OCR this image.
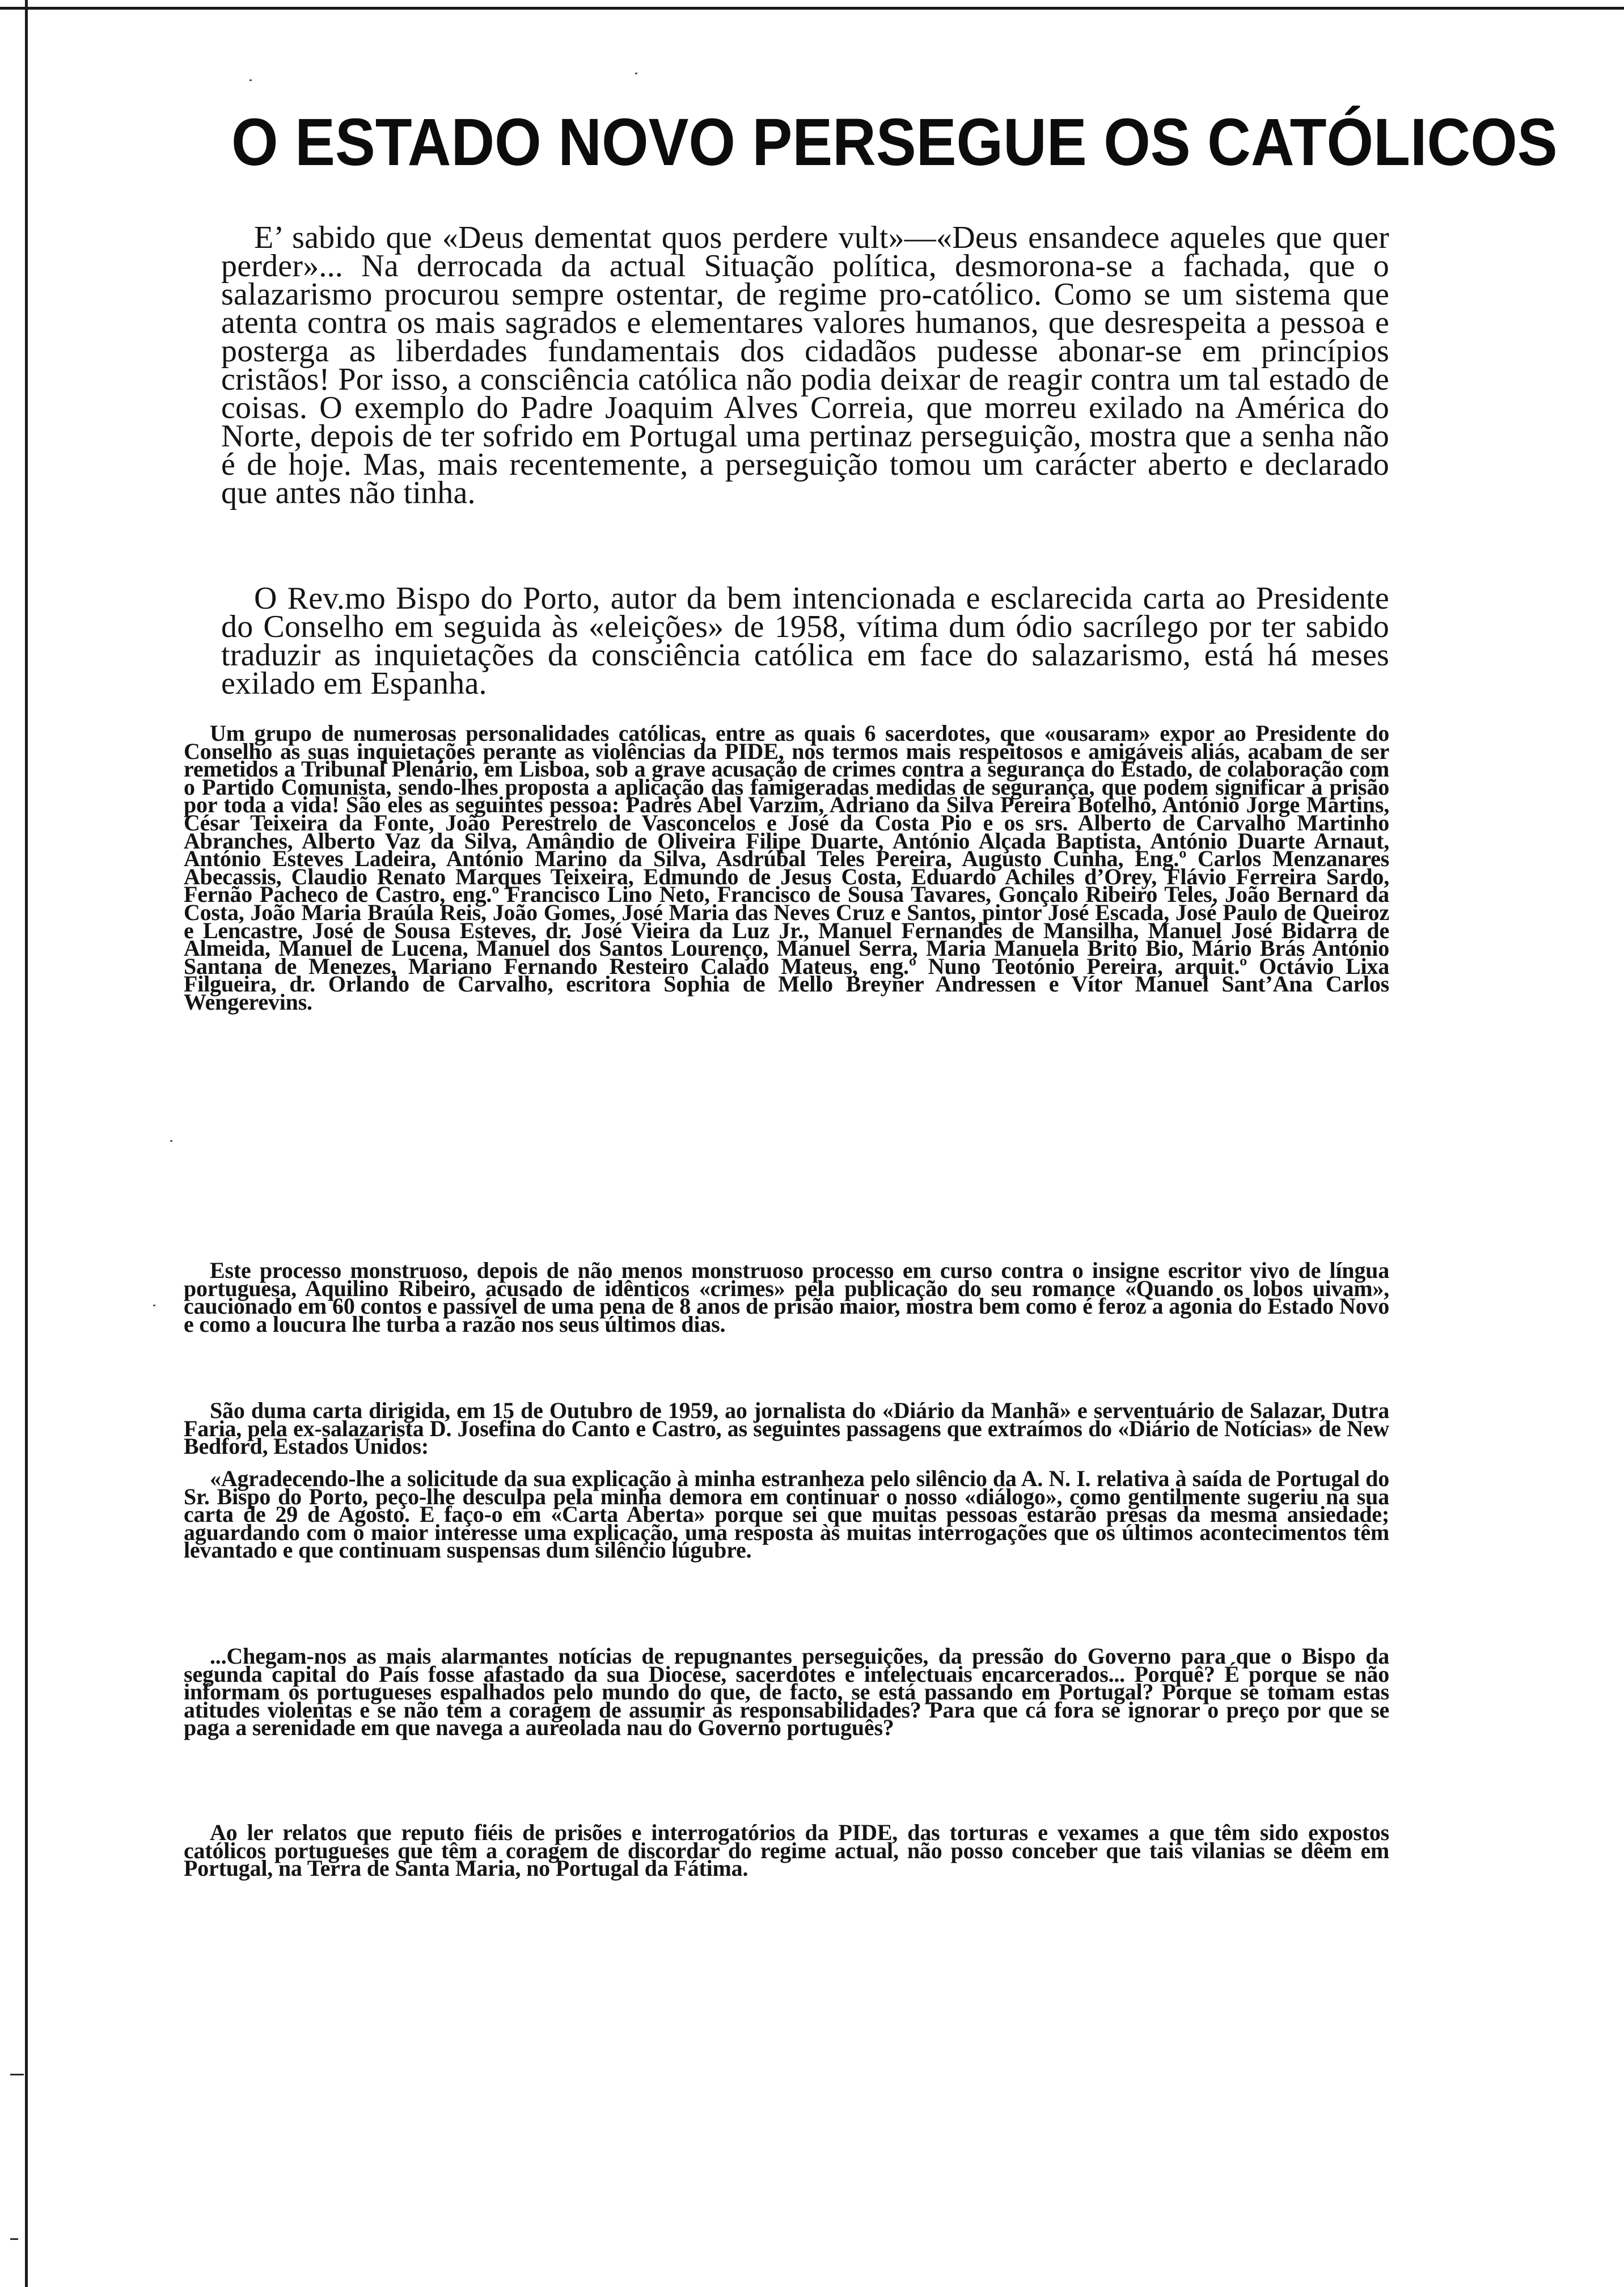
O ESTADO NOVO PERSEGUE OS CATÓLICOS

E’ sabido que «Deus dementat quos perdere vult»—«Deus ensandece aqueles que quer perder»... Na derrocada da actual Situação política, desmorona-se a fachada, que o salazarismo procurou sempre ostentar, de regime pro-católico. Como se um sistema que atenta contra os mais sagrados e elementares valores humanos, que desrespeita a pessoa e posterga as liberdades fundamentais dos cidadãos pudesse abonar-se em princípios cristãos! Por isso, a consciência católica não podia deixar de reagir contra um tal estado de coisas. O exemplo do Padre Joaquim Alves Correia, que morreu exilado na América do Norte, depois de ter sofrido em Portugal uma pertinaz perseguição, mostra que a senha não é de hoje. Mas, mais recentemente, a perseguição tomou um carácter aberto e declarado que antes não tinha.

O Rev.mo Bispo do Porto, autor da bem intencionada e esclarecida carta ao Presidente do Conselho em seguida às «eleições» de 1958, vítima dum ódio sacrílego por ter sabido traduzir as inquietações da consciência católica em face do salazarismo, está há meses exilado em Espanha.

Um grupo de numerosas personalidades católicas, entre as quais 6 sacerdotes, que «ousaram» expor ao Presidente do Conselho as suas inquietações perante as violências da PIDE, nos termos mais respeitosos e amigáveis aliás, acabam de ser remetidos a Tribunal Plenário, em Lisboa, sob a grave acusação de crimes contra a segurança do Estado, de colaboração com o Partido Comunista, sendo-lhes proposta a aplicação das famigeradas medidas de segurança, que podem significar a prisão por toda a vida! São eles as seguintes pessoa: Padres Abel Varzim, Adriano da Silva Pereira Botelho, António Jorge Martins, César Teixeira da Fonte, João Perestrelo de Vasconcelos e José da Costa Pio e os srs. Alberto de Carvalho Martinho Abranches, Alberto Vaz da Silva, Amândio de Oliveira Filipe Duarte, António Alçada Baptista, António Duarte Arnaut, António Esteves Ladeira, António Marino da Silva, Asdrúbal Teles Pereira, Augusto Cunha, Eng.º Carlos Menzanares Abecassis, Claudio Renato Marques Teixeira, Edmundo de Jesus Costa, Eduardo Achiles d’Orey, Flávio Ferreira Sardo, Fernão Pacheco de Castro, eng.º Francisco Lino Neto, Francisco de Sousa Tavares, Gonçalo Ribeiro Teles, João Bernard da Costa, João Maria Braúla Reis, João Gomes, José Maria das Neves Cruz e Santos, pintor José Escada, José Paulo de Queiroz e Lencastre, José de Sousa Esteves, dr. José Vieira da Luz Jr., Manuel Fernandes de Mansilha, Manuel José Bidarra de Almeida, Manuel de Lucena, Manuel dos Santos Lourenço, Manuel Serra, Maria Manuela Brito Bio, Mário Brás António Santana de Menezes, Mariano Fernando Resteiro Calado Mateus, eng.º Nuno Teotónio Pereira, arquit.º Octávio Lixa Filgueira, dr. Orlando de Carvalho, escritora Sophia de Mello Breyner Andressen e Vítor Manuel Sant’Ana Carlos Wengerevins.

Este processo monstruoso, depois de não menos monstruoso processo em curso contra o insigne escritor vivo de língua portuguesa, Aquilino Ribeiro, acusado de idênticos «crimes» pela publicação do seu romance «Quando os lobos uivam», caucionado em 60 contos e passível de uma pena de 8 anos de prisão maior, mostra bem como é feroz a agonia do Estado Novo e como a loucura lhe turba a razão nos seus últimos dias.

São duma carta dirigida, em 15 de Outubro de 1959, ao jornalista do «Diário da Manhã» e serventuário de Salazar, Dutra Faria, pela ex-salazarista D. Josefina do Canto e Castro, as seguintes passagens que extraímos do «Diário de Notícias» de New Bedford, Estados Unidos:

«Agradecendo-lhe a solicitude da sua explicação à minha estranheza pelo silêncio da A. N. I. relativa à saída de Portugal do Sr. Bispo do Porto, peço-lhe desculpa pela minha demora em continuar o nosso «diálogo», como gentilmente sugeriu na sua carta de 29 de Agosto. E faço-o em «Carta Aberta» porque sei que muitas pessoas estarão presas da mesma ansiedade; aguardando com o maior interesse uma explicação, uma resposta às muitas interrogações que os últimos acontecimentos têm levantado e que continuam suspensas dum silêncio lúgubre.

...Chegam-nos as mais alarmantes notícias de repugnantes perseguições, da pressão do Governo para que o Bispo da segunda capital do País fosse afastado da sua Diocese, sacerdotes e intelectuais encarcerados... Porquê? É porque se não informam os portugueses espalhados pelo mundo do que, de facto, se está passando em Portugal? Porque se tomam estas atitudes violentas e se não tem a coragem de assumir as responsabilidades? Para que cá fora se ignorar o preço por que se paga a serenidade em que navega a aureolada nau do Governo português?

Ao ler relatos que reputo fiéis de prisões e interrogatórios da PIDE, das torturas e vexames a que têm sido expostos católicos portugueses que têm a coragem de discordar do regime actual, não posso conceber que tais vilanias se dêem em Portugal, na Terra de Santa Maria, no Portugal da Fátima.
